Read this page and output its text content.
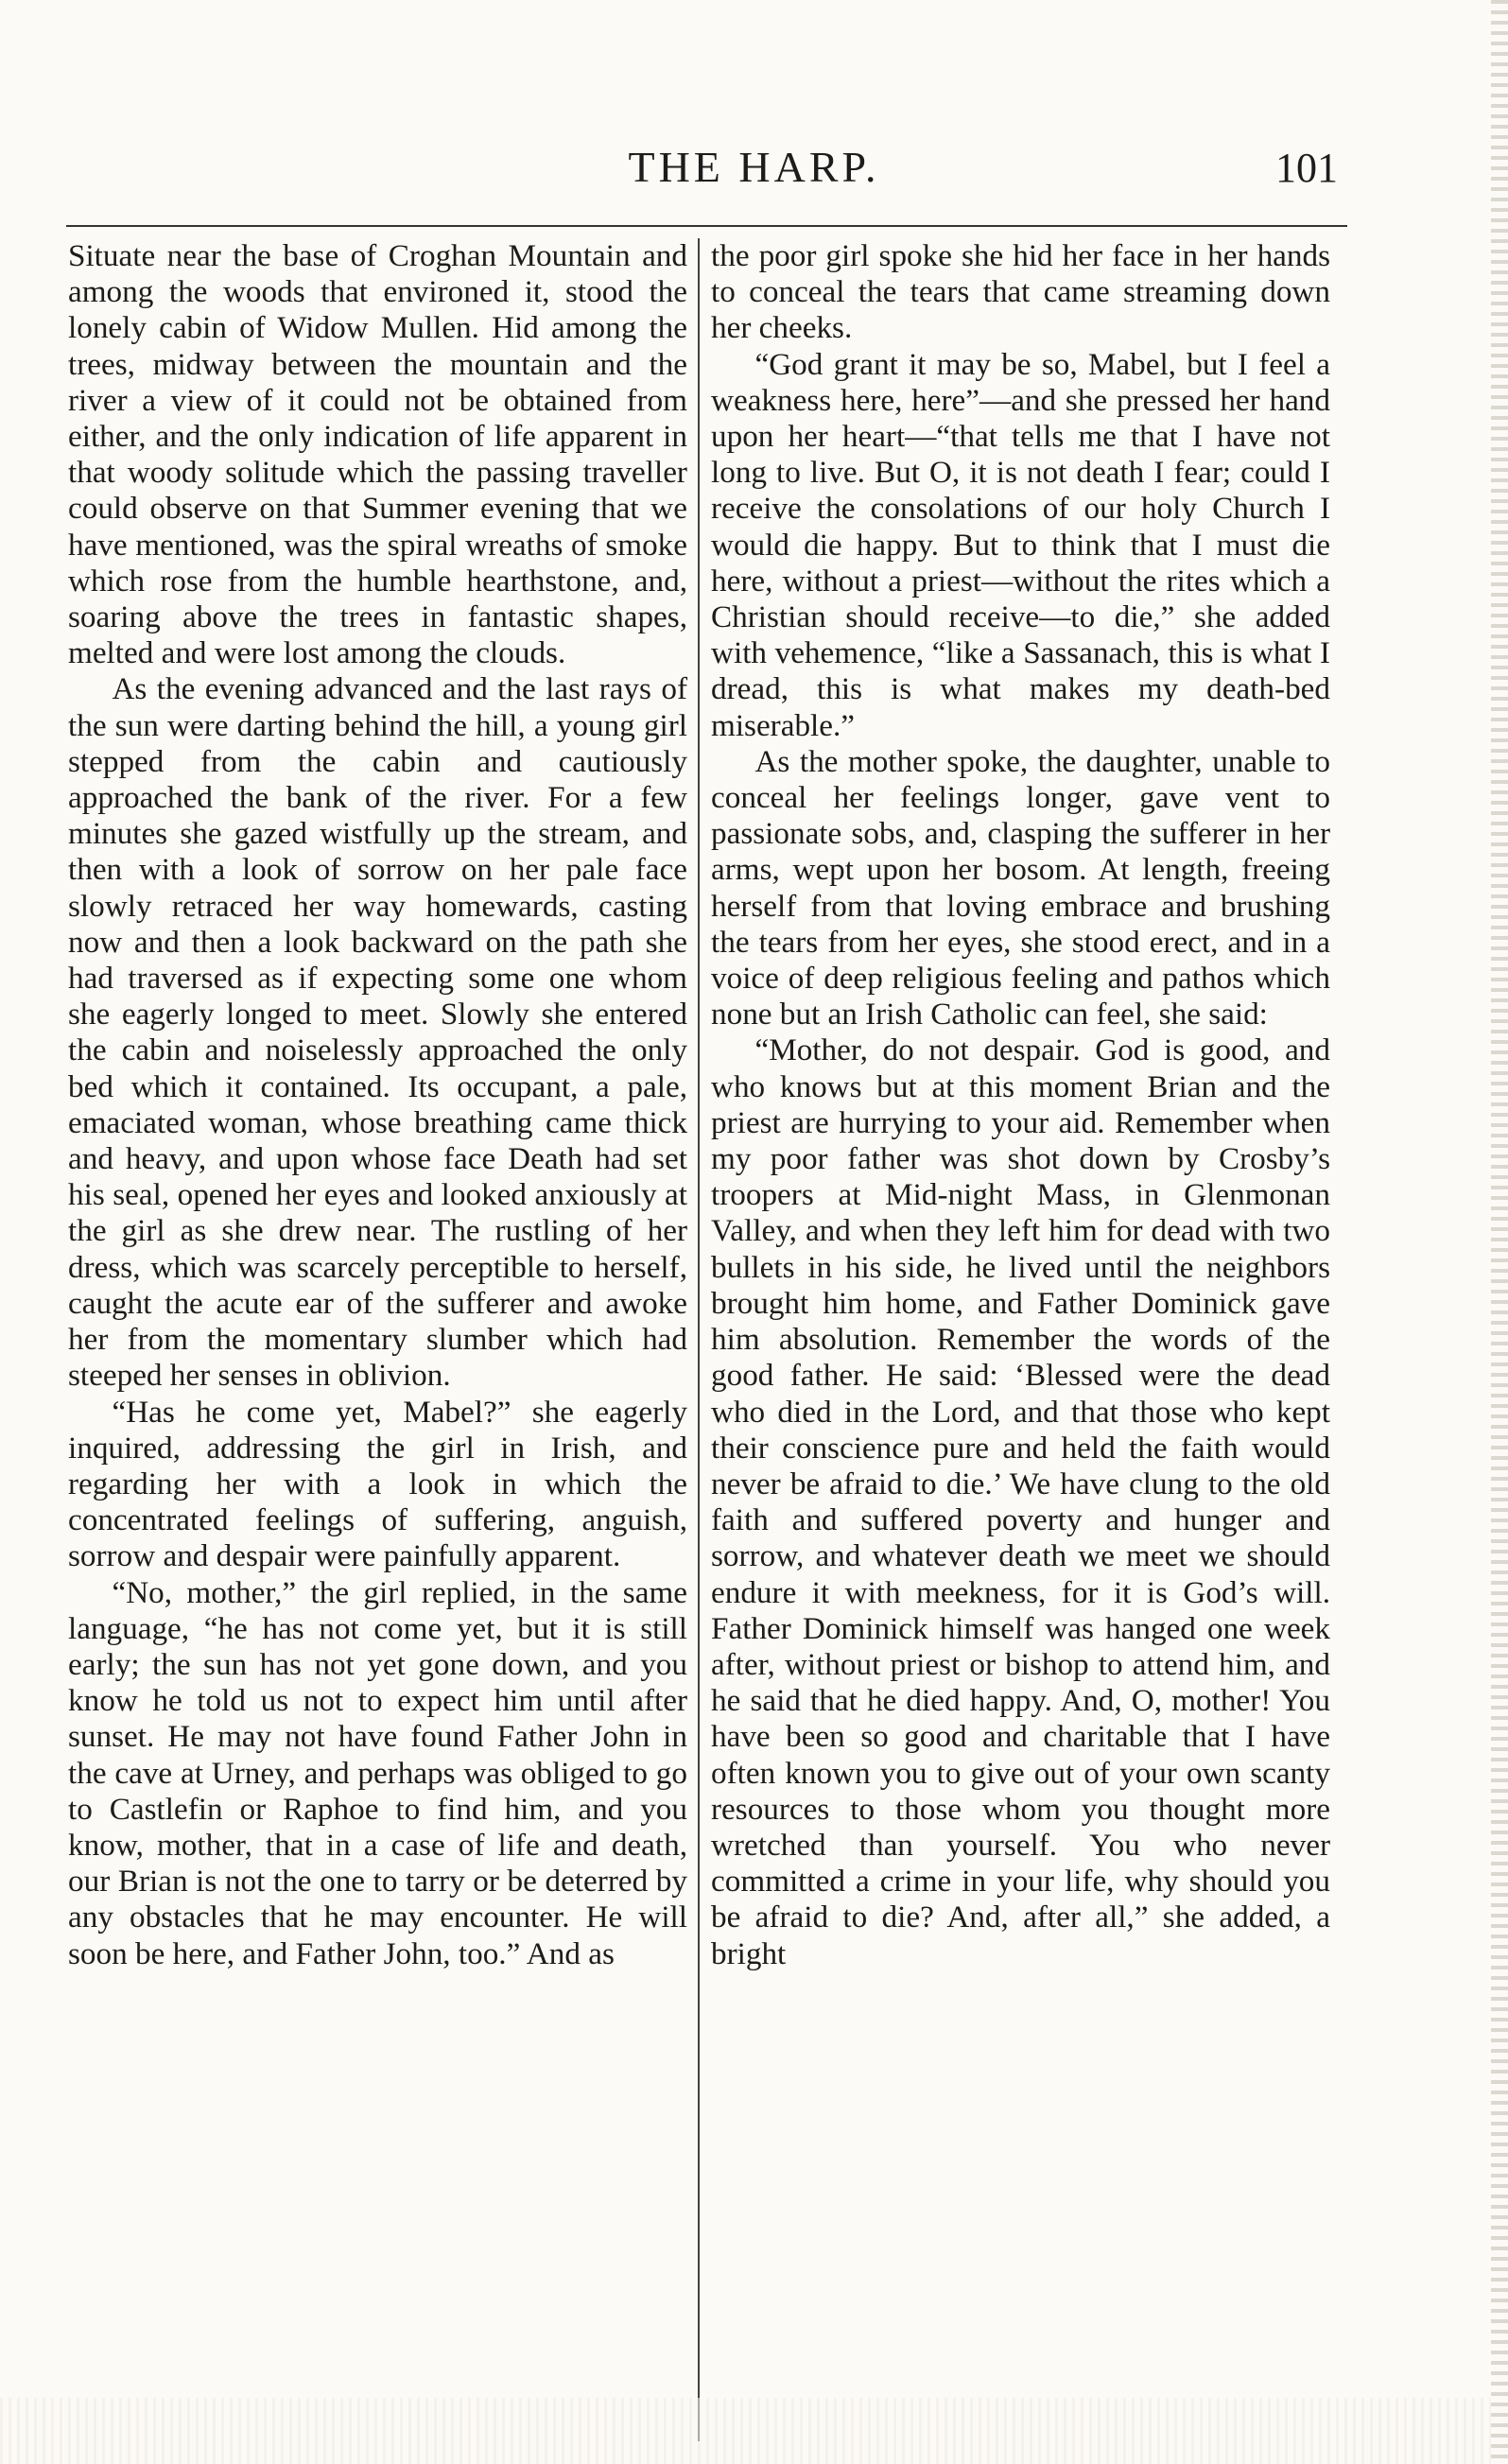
THE HARP.	101

Situate near the base of Croghan Mountain and among the woods that environed it, stood the lonely cabin of Widow Mullen. Hid among the trees, midway between the mountain and the river a view of it could not be obtained from either, and the only indication of life apparent in that woody solitude which the passing traveller could observe on that Summer evening that we have mentioned, was the spiral wreaths of smoke which rose from the humble hearthstone, and, soaring above the trees in fantastic shapes, melted and were lost among the clouds.

As the evening advanced and the last rays of the sun were darting behind the hill, a young girl stepped from the cabin and cautiously approached the bank of the river. For a few minutes she gazed wistfully up the stream, and then with a look of sorrow on her pale face slowly retraced her way homewards, casting now and then a look backward on the path she had traversed as if expecting some one whom she eagerly longed to meet. Slowly she entered the cabin and noiselessly approached the only bed which it contained. Its occupant, a pale, emaciated woman, whose breathing came thick and heavy, and upon whose face Death had set his seal, opened her eyes and looked anxiously at the girl as she drew near. The rustling of her dress, which was scarcely perceptible to herself, caught the acute ear of the sufferer and awoke her from the momentary slumber which had steeped her senses in oblivion.

“Has he come yet, Mabel?” she eagerly inquired, addressing the girl in Irish, and regarding her with a look in which the concentrated feelings of suffering, anguish, sorrow and despair were painfully apparent.

“No, mother,” the girl replied, in the same language, “he has not come yet, but it is still early; the sun has not yet gone down, and you know he told us not to expect him until after sunset. He may not have found Father John in the cave at Urney, and perhaps was obliged to go to Castlefin or Raphoe to find him, and you know, mother, that in a case of life and death, our Brian is not the one to tarry or be deterred by any obstacles that he may encounter. He will soon be here, and Father John, too.” And as

the poor girl spoke she hid her face in her hands to conceal the tears that came streaming down her cheeks.

“God grant it may be so, Mabel, but I feel a weakness here, here”—and she pressed her hand upon her heart—“that tells me that I have not long to live. But O, it is not death I fear; could I receive the consolations of our holy Church I would die happy. But to think that I must die here, without a priest—without the rites which a Christian should receive—to die,” she added with vehemence, “like a Sassanach, this is what I dread, this is what makes my death-bed miserable.”

As the mother spoke, the daughter, unable to conceal her feelings longer, gave vent to passionate sobs, and, clasping the sufferer in her arms, wept upon her bosom. At length, freeing herself from that loving embrace and brushing the tears from her eyes, she stood erect, and in a voice of deep religious feeling and pathos which none but an Irish Catholic can feel, she said:

“Mother, do not despair. God is good, and who knows but at this moment Brian and the priest are hurrying to your aid. Remember when my poor father was shot down by Crosby’s troopers at Mid-night Mass, in Glenmonan Valley, and when they left him for dead with two bullets in his side, he lived until the neighbors brought him home, and Father Dominick gave him absolution. Remember the words of the good father. He said: ‘Blessed were the dead who died in the Lord, and that those who kept their conscience pure and held the faith would never be afraid to die.’ We have clung to the old faith and suffered poverty and hunger and sorrow, and whatever death we meet we should endure it with meekness, for it is God’s will. Father Dominick himself was hanged one week after, without priest or bishop to attend him, and he said that he died happy. And, O, mother! You have been so good and charitable that I have often known you to give out of your own scanty resources to those whom you thought more wretched than yourself. You who never committed a crime in your life, why should you be afraid to die? And, after all,” she added, a bright
